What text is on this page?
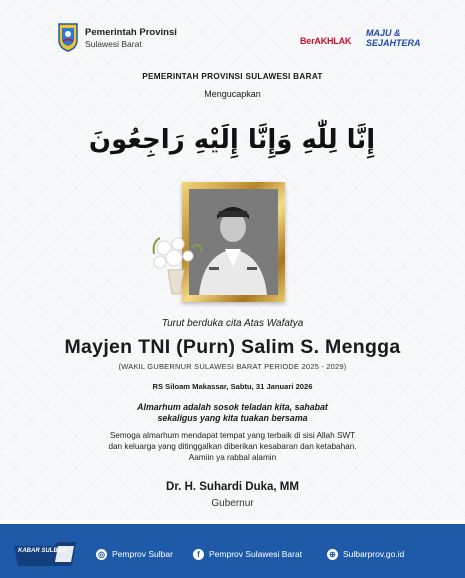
Pemerintah Provinsi
Sulawesi Barat	BerAKHLAK
MAJU &
SEJAHTERA
PEMERINTAH PROVINSI SULAWESI BARAT
Mengucapkan
إِنَّا لِلّٰهِ وَإِنَّا إِلَيْهِ رَاجِعُونَ
Turut berduka cita Atas Wafatya
Mayjen TNI (Purn) Salim S. Mengga
(WAKIL GUBERNUR SULAWESI BARAT PERIODE 2025 - 2029)
RS Siloam Makassar, Sabtu, 31 Januari 2026
Almarhum adalah sosok teladan kita, sahabat
sekaligus yang kita tuakan bersama
Semoga almarhum mendapat tempat yang terbaik di sisi Allah SWT
dan keluarga yang ditinggalkan diberikan kesabaran dan ketabahan.
Aamiin ya rabbal alamin
Dr. H. Suhardi Duka, MM
Gubernur
KABAR SULBAR	◎ Pemprov Sulbar	f	Pemprov Sulawesi Barat	⊕ Sulbarprov.go.id
